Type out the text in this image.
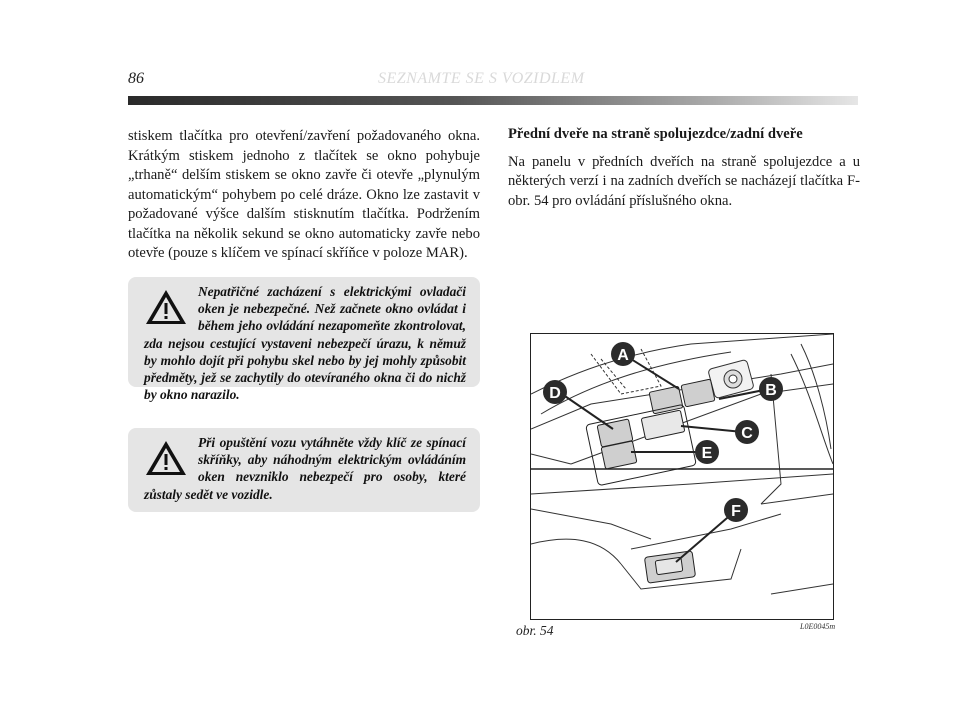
86	SEZNAMTE SE S VOZIDLEM

stiskem tlačítka pro otevření/zavření požadovaného okna. Krátkým stiskem jednoho z tlačítek se okno pohybuje „trhaně“ delším stiskem se okno zavře či otevře „plynulým automatickým“ pohybem po celé dráze. Okno lze zastavit v požadované výšce dalším stisknutím tlačítka. Podržením tlačítka na několik sekund se okno automaticky zavře nebo otevře (pouze s klíčem ve spínací skříňce v poloze MAR).

Nepatřičné zacházení s elektrickými ovladači oken je nebezpečné. Než začnete okno ovládat i během jeho ovládání nezapomeňte zkontrolovat, zda nejsou cestující vystaveni nebezpečí úrazu, k němuž by mohlo dojít při pohybu skel nebo by jej mohly způsobit předměty, jež se zachytily do otevíraného okna či do nichž by okno narazilo.
Při opuštění vozu vytáhněte vždy klíč ze spínací skříňky, aby náhodným elektrickým ovládáním oken nevzniklo nebezpečí pro osoby, které zůstaly sedět ve vozidle.

Přední dveře na straně spolujezdce/zadní dveře

Na panelu v předních dveřích na straně spolujezdce a u některých verzí i na zadních dveřích se nacházejí tlačítka F-obr. 54 pro ovládání příslušného okna.

A
B
C
D
E
F
obr. 54	L0E0045m
